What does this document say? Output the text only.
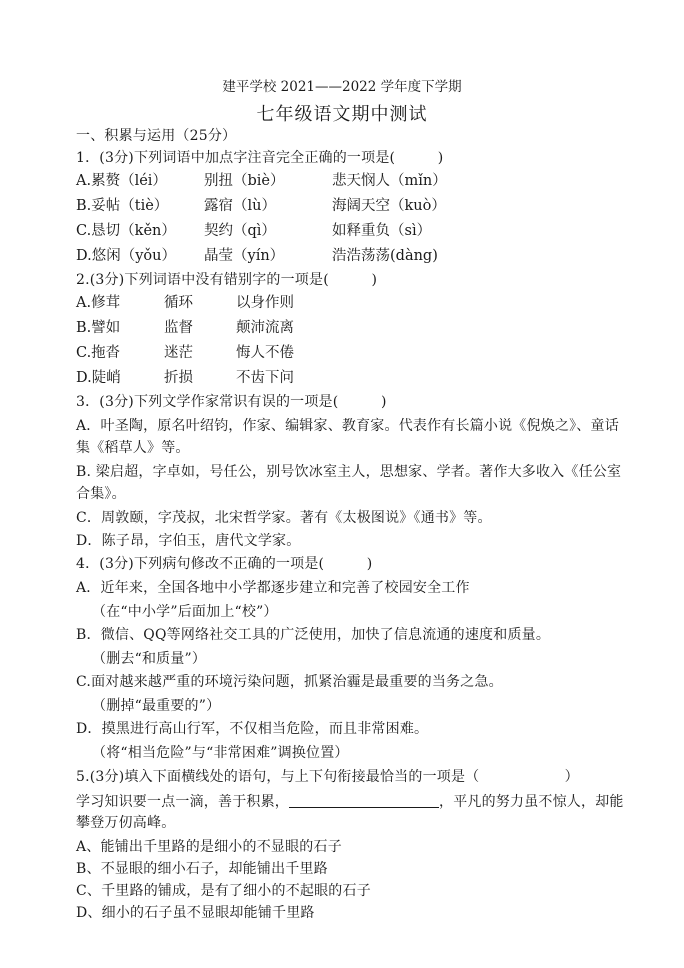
建平学校 2021——2022 学年度下学期
七年级语文期中测试
一、积累与运用（25分）
1．(3分)下列词语中加点字注音完全正确的一项是(　　　)
A.累赘（léi）	别扭（biè）	悲天悯人（mǐn）
B.妥帖（tiè） 露宿（lù）	海阔天空（kuò）
C.恳切（kěn） 契约（qì）	如释重负（sì）
D.悠闲（yǒu） 晶莹（yín）	浩浩荡荡(dàng)
2.(3分)下列词语中没有错别字的一项是(　　　)
A.修茸	循环	以身作则
B.譬如	监督	颠沛流离
C.拖沓	迷茫	悔人不倦
D.陡峭	折损	不齿下问
3．(3分)下列文学作家常识有误的一项是(　　　)
A．叶圣陶，原名叶绍钧，作家、编辑家、教育家。代表作有长篇小说《倪焕之》、童话
集《稻草人》等。
B. 梁启超，字卓如，号任公，别号饮冰室主人，思想家、学者。著作大多收入《任公室
合集》。
C．周敦颐，字茂叔，北宋哲学家。著有《太极图说》《通书》等。
D．陈子昂，字伯玉，唐代文学家。
4．(3分)下列病句修改不正确的一项是(　　　)
A．近年来，全国各地中小学都逐步建立和完善了校园安全工作
（在“中小学”后面加上“校”）
B．微信、QQ等网络社交工具的广泛使用，加快了信息流通的速度和质量。
（删去“和质量”）
C.面对越来越严重的环境污染问题，抓紧治霾是最重要的当务之急。
（删掉“最重要的”）
D．摸黑进行高山行军，不仅相当危险，而且非常困难。
（将“相当危险”与“非常困难”调换位置）
5.(3分)填入下面横线处的语句，与上下句衔接最恰当的一项是（　　　　　　）
学习知识要一点一滴，善于积累，	，平凡的努力虽不惊人，却能
攀登万仞高峰。
A、能铺出千里路的是细小的不显眼的石子
B、不显眼的细小石子，却能铺出千里路
C、千里路的铺成，是有了细小的不起眼的石子
D、细小的石子虽不显眼却能铺千里路
